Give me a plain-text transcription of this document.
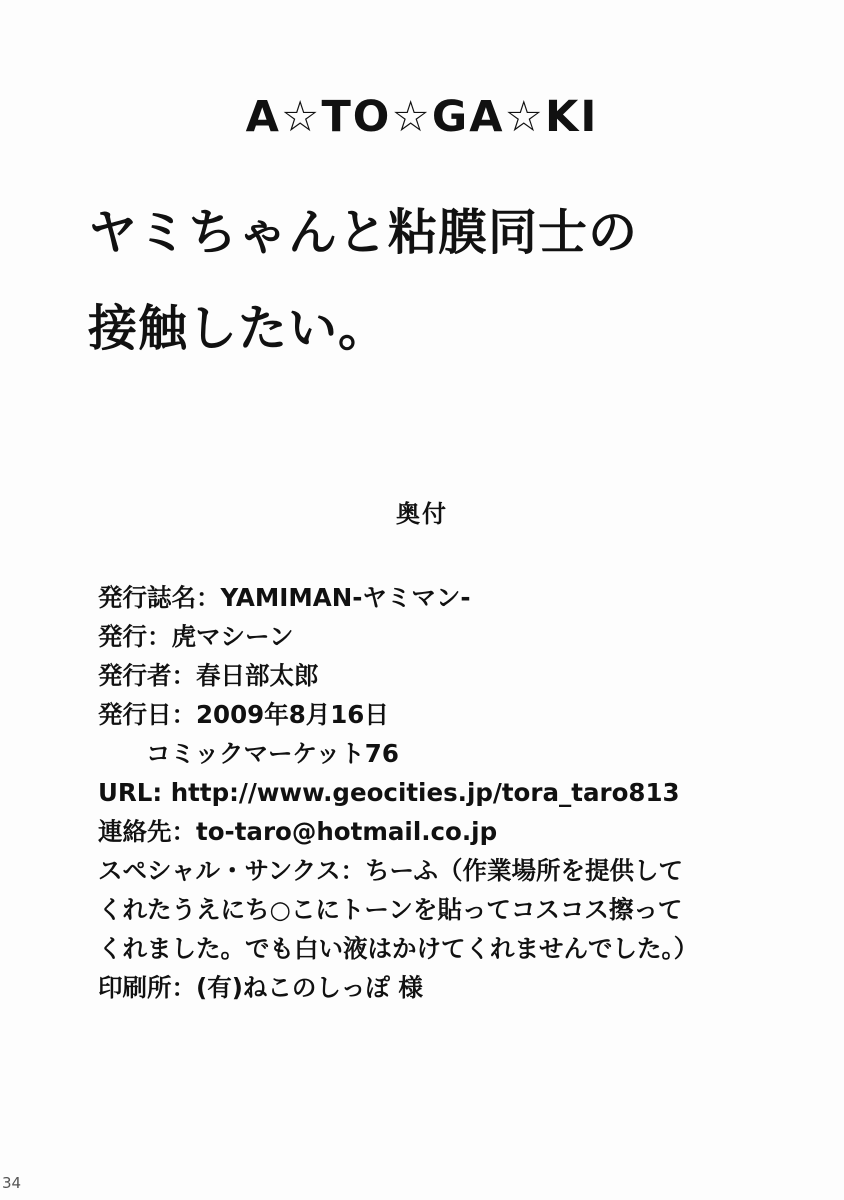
A☆TO☆GA☆KI
ヤミちゃんと粘膜同士の
接触したい。
奥付
発行誌名：YAMIMAN-ヤミマン-
発行：虎マシーン
発行者：春日部太郎
発行日：2009年8月16日
コミックマーケット76
URL: http://www.geocities.jp/tora_taro813
連絡先：to-taro@hotmail.co.jp
スペシャル・サンクス：ちーふ（作業場所を提供して
くれたうえにち○こにトーンを貼ってコスコス擦って
くれました。でも白い液はかけてくれませんでした。）
印刷所：(有)ねこのしっぽ 様
34
